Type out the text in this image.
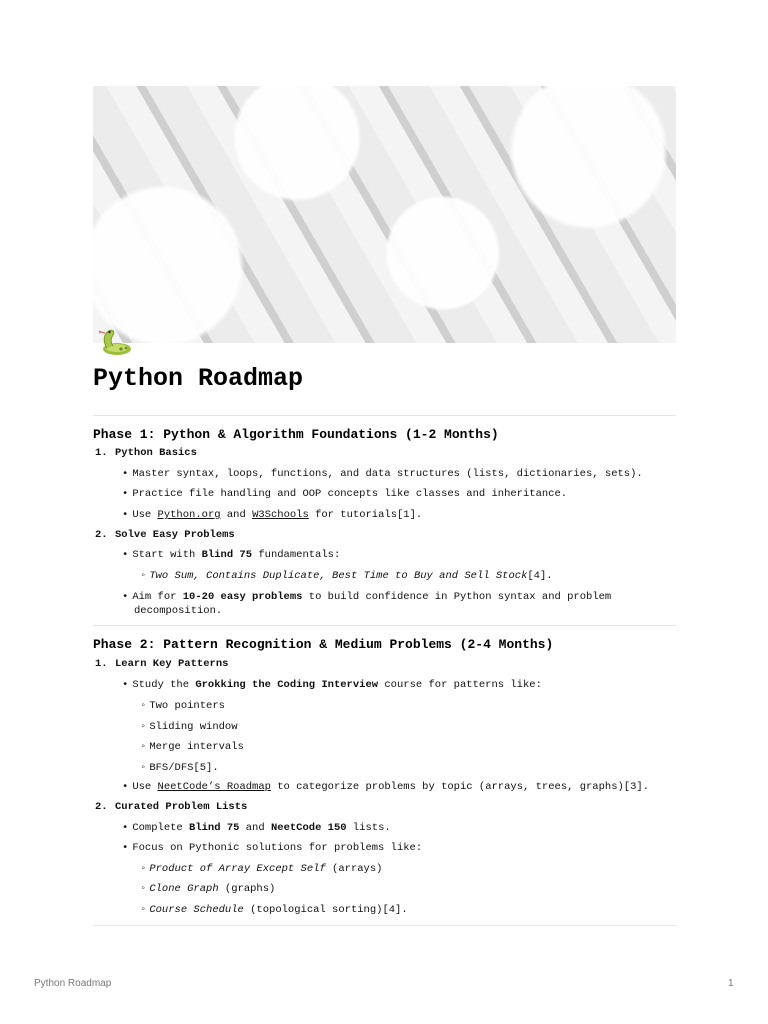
Python Roadmap
Phase 1: Python & Algorithm Foundations (1-2 Months)
1. Python Basics
• Master syntax, loops, functions, and data structures (lists, dictionaries, sets).
• Practice file handling and OOP concepts like classes and inheritance.
• Use Python.org and W3Schools for tutorials[1].
2. Solve Easy Problems
• Start with Blind 75 fundamentals:
◦ Two Sum, Contains Duplicate, Best Time to Buy and Sell Stock[4].
• Aim for 10-20 easy problems to build confidence in Python syntax and problem
decomposition.
Phase 2: Pattern Recognition & Medium Problems (2-4 Months)
1. Learn Key Patterns
• Study the Grokking the Coding Interview course for patterns like:
◦ Two pointers
◦ Sliding window
◦ Merge intervals
◦ BFS/DFS[5].
• Use NeetCode’s Roadmap to categorize problems by topic (arrays, trees, graphs)[3].
2. Curated Problem Lists
• Complete Blind 75 and NeetCode 150 lists.
• Focus on Pythonic solutions for problems like:
◦ Product of Array Except Self (arrays)
◦ Clone Graph (graphs)
◦ Course Schedule (topological sorting)[4].
Python Roadmap	1
